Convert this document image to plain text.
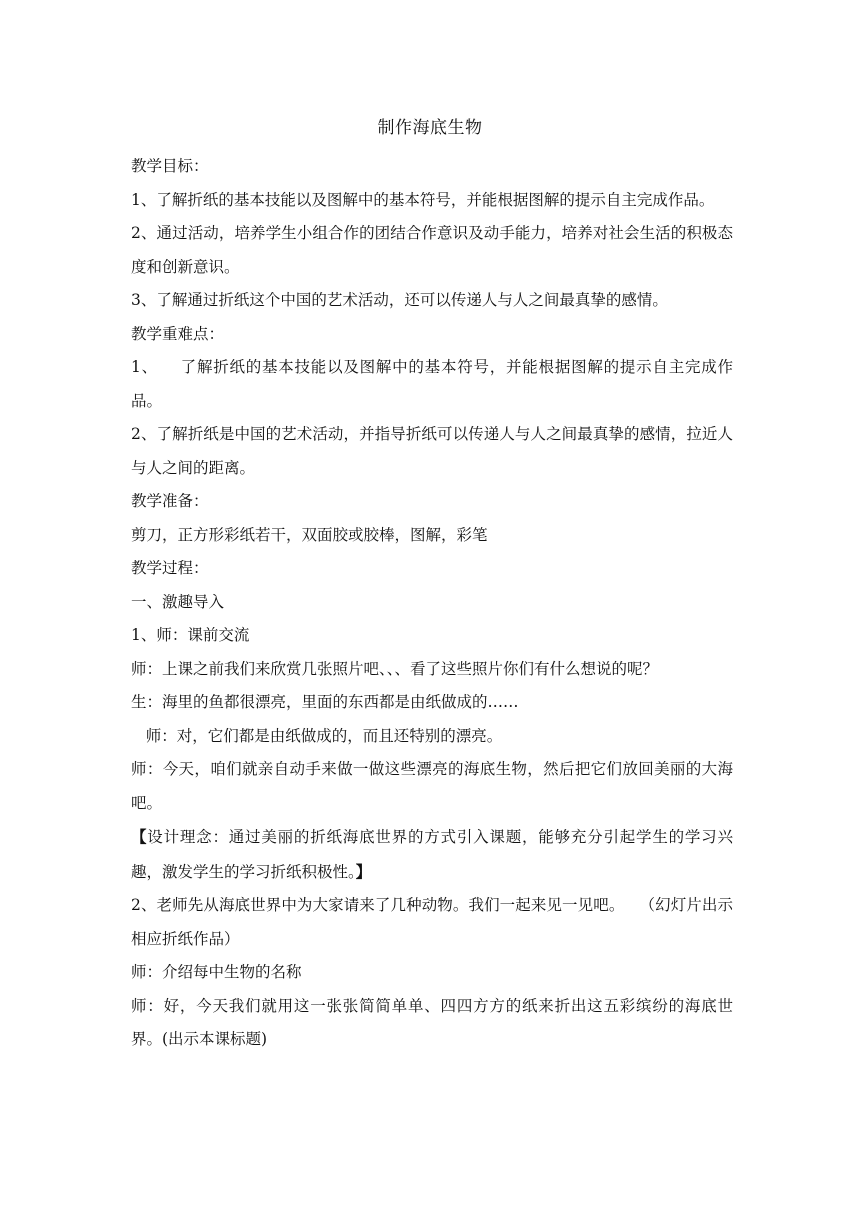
制作海底生物

教学目标：

1、了解折纸的基本技能以及图解中的基本符号，并能根据图解的提示自主完成作品。

2、通过活动，培养学生小组合作的团结合作意识及动手能力，培养对社会生活的积极态度和创新意识。

3、了解通过折纸这个中国的艺术活动，还可以传递人与人之间最真挚的感情。

教学重难点：

1、    了解折纸的基本技能以及图解中的基本符号，并能根据图解的提示自主完成作品。

2、了解折纸是中国的艺术活动，并指导折纸可以传递人与人之间最真挚的感情，拉近人与人之间的距离。

教学准备：

剪刀，正方形彩纸若干，双面胶或胶棒，图解，彩笔

教学过程：

一、激趣导入

1、师：课前交流

师：上课之前我们来欣赏几张照片吧、、、看了这些照片你们有什么想说的呢？

生：海里的鱼都很漂亮，里面的东西都是由纸做成的……

师：对，它们都是由纸做成的，而且还特别的漂亮。

师：今天，咱们就亲自动手来做一做这些漂亮的海底生物，然后把它们放回美丽的大海吧。

【设计理念：通过美丽的折纸海底世界的方式引入课题，能够充分引起学生的学习兴趣，激发学生的学习折纸积极性。】

2、老师先从海底世界中为大家请来了几种动物。我们一起来见一见吧。   （幻灯片出示相应折纸作品）

师：介绍每中生物的名称

师：好，今天我们就用这一张张简简单单、四四方方的纸来折出这五彩缤纷的海底世界。(出示本课标题)
